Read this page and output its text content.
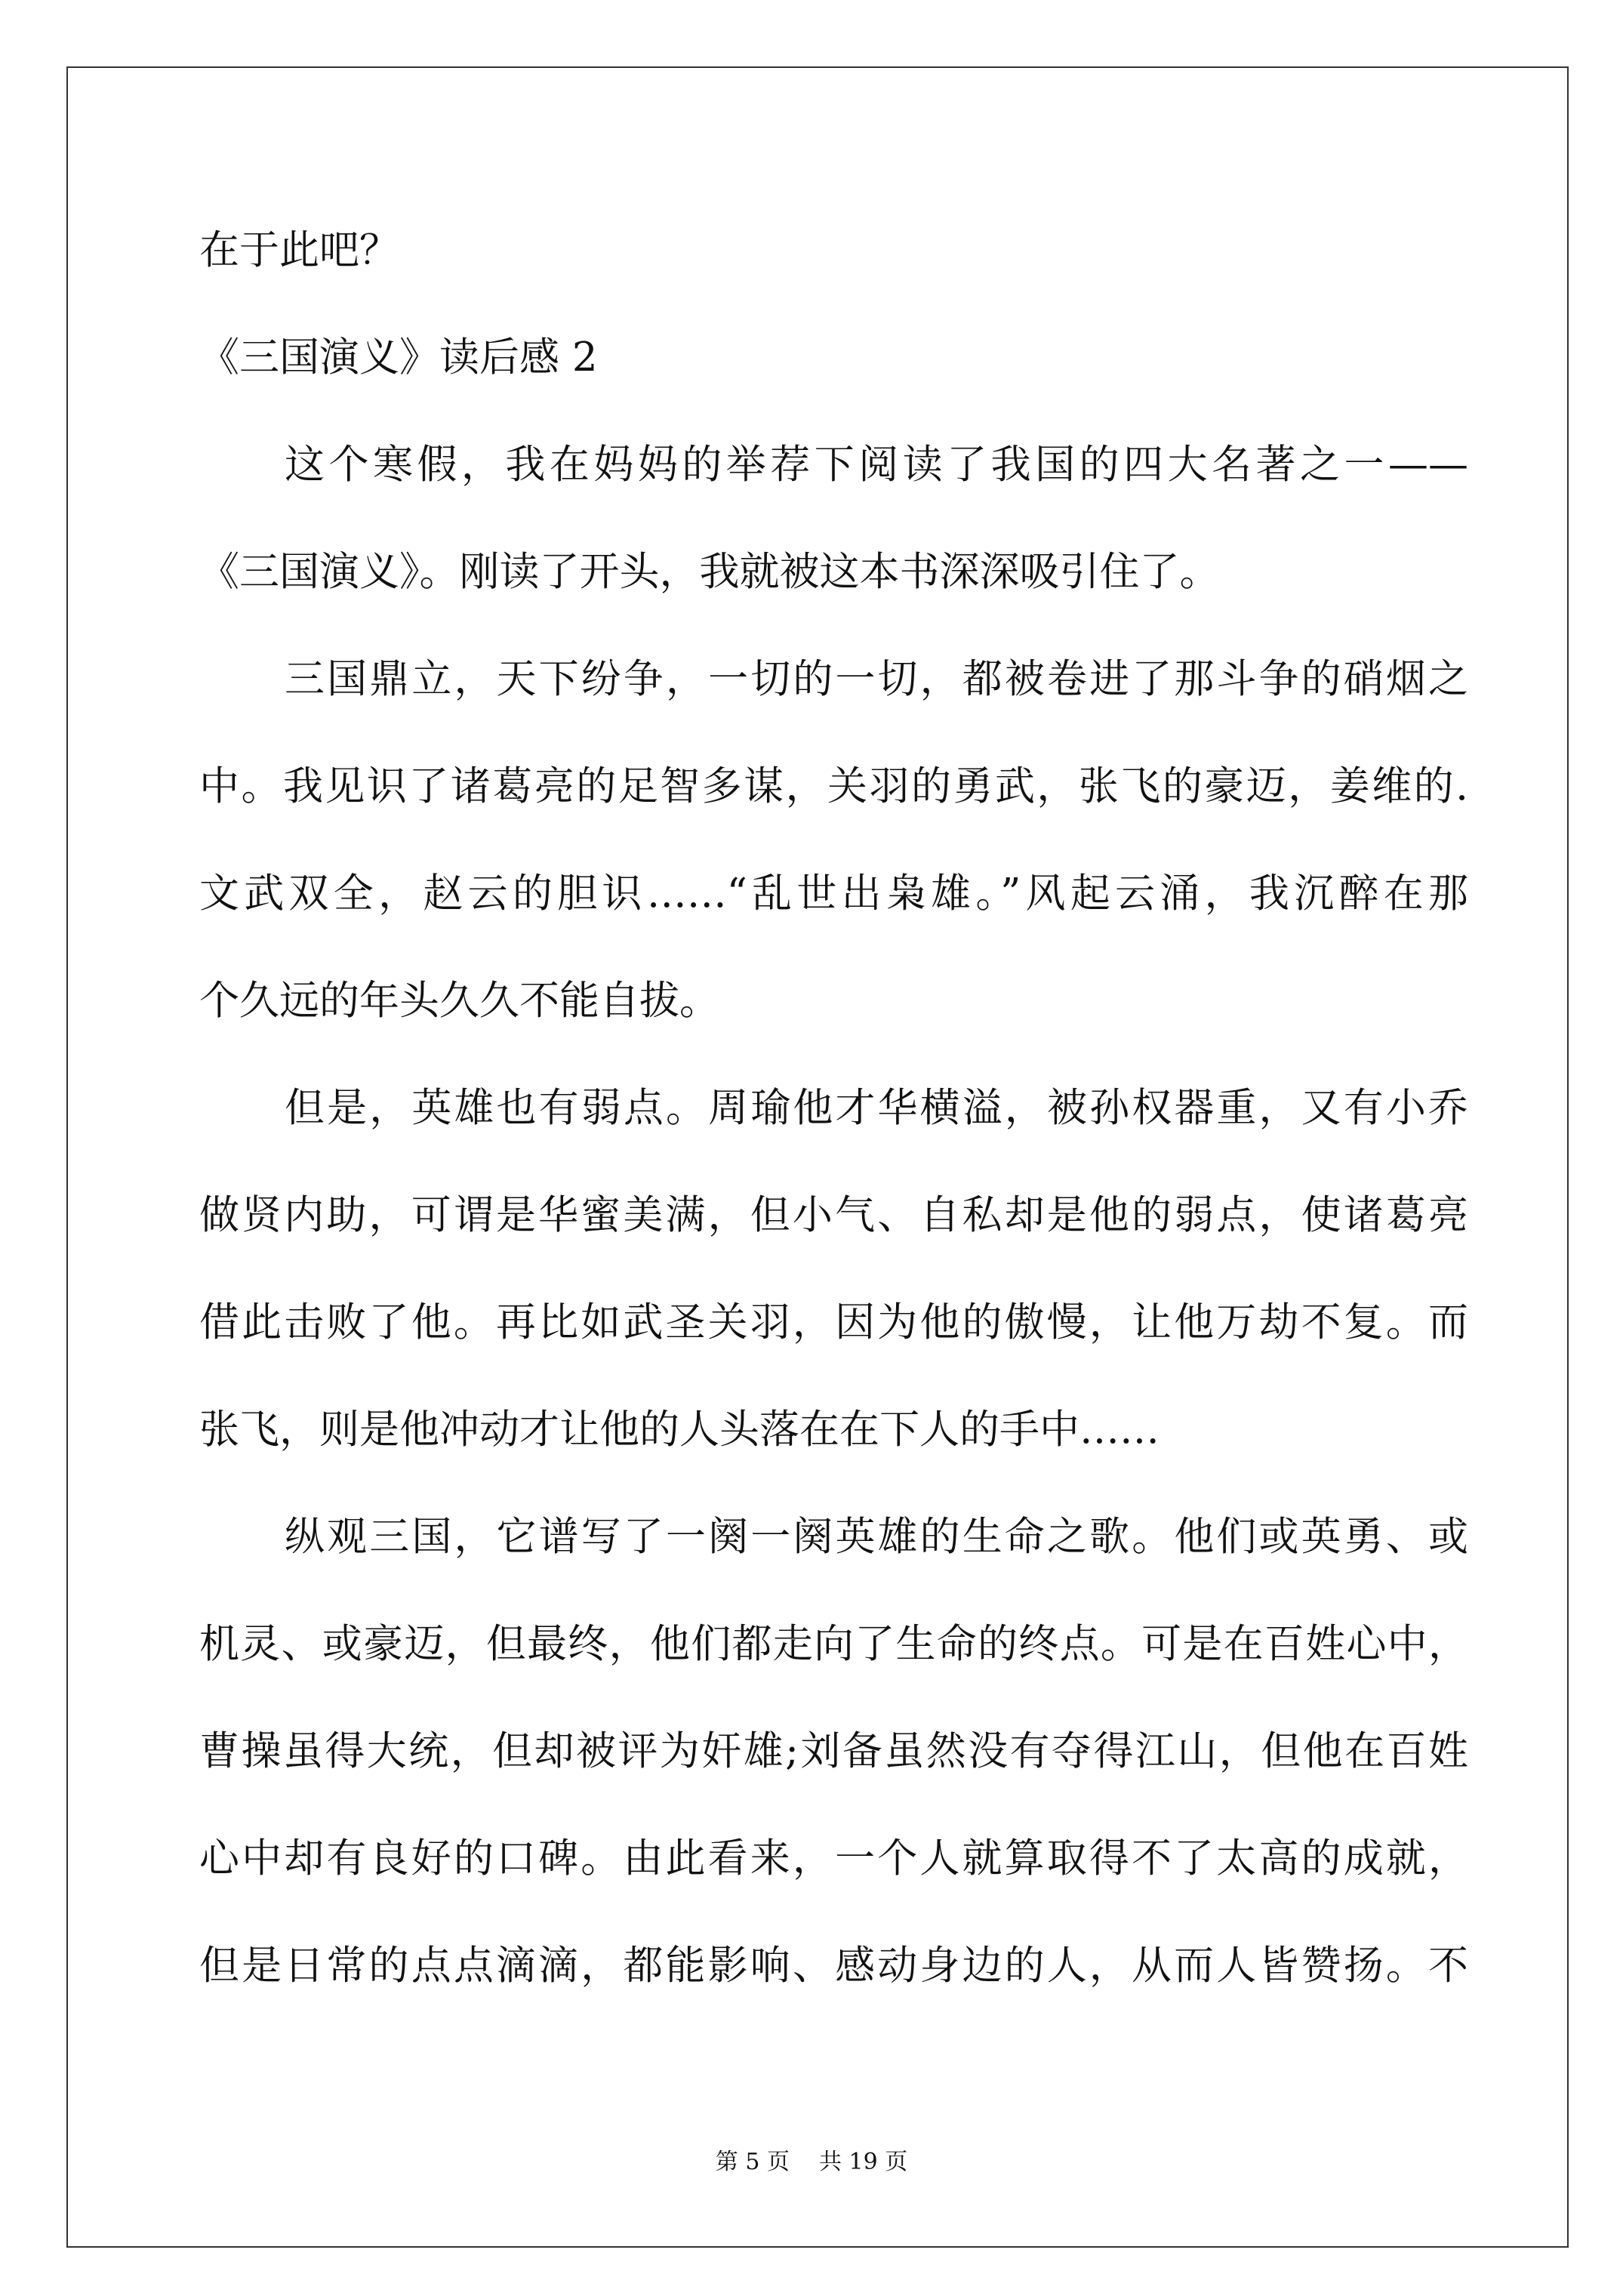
在于此吧？
《三国演义》读后感 2
这个寒假，我在妈妈的举荐下阅读了我国的四大名著之一——
《三国演义》。刚读了开头，我就被这本书深深吸引住了。
三国鼎立，天下纷争，一切的一切，都被卷进了那斗争的硝烟之
中。我见识了诸葛亮的足智多谋，关羽的勇武，张飞的豪迈，姜维的.
文武双全，赵云的胆识……“乱世出枭雄。”风起云涌，我沉醉在那
个久远的年头久久不能自拔。
但是，英雄也有弱点。周瑜他才华横溢，被孙权器重，又有小乔
做贤内助，可谓是华蜜美满，但小气、自私却是他的弱点，使诸葛亮
借此击败了他。再比如武圣关羽，因为他的傲慢，让他万劫不复。而
张飞，则是他冲动才让他的人头落在在下人的手中……
纵观三国，它谱写了一阕一阕英雄的生命之歌。他们或英勇、或
机灵、或豪迈，但最终，他们都走向了生命的终点。可是在百姓心中，
曹操虽得大统，但却被评为奸雄;刘备虽然没有夺得江山，但他在百姓
心中却有良好的口碑。由此看来，一个人就算取得不了太高的成就，
但是日常的点点滴滴，都能影响、感动身边的人，从而人皆赞扬。不
第 5 页 共 19 页
